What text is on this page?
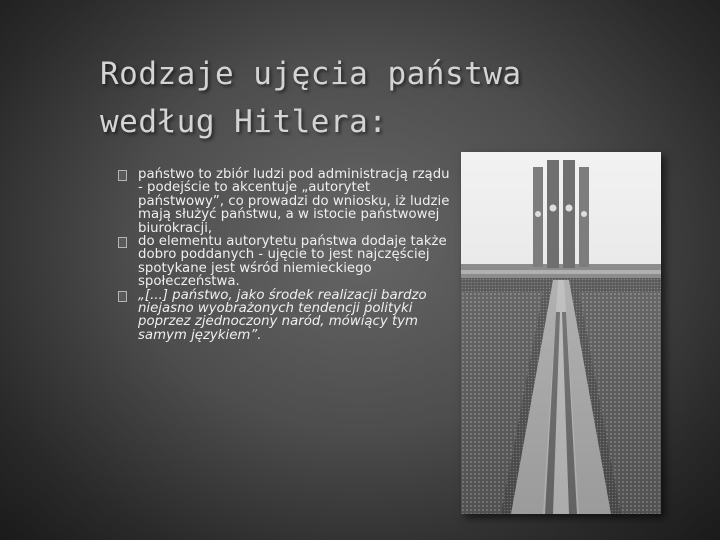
Rodzaje ujęcia państwa
według Hitlera:
państwo to zbiór ludzi pod administracją rządu - podejście to akcentuje „autorytet państwowy”, co prowadzi do wniosku, iż ludzie mają służyć państwu, a w istocie państwowej biurokracji,
do elementu autorytetu państwa dodaje także dobro poddanych - ujęcie to jest najczęściej spotykane jest wśród niemieckiego społeczeństwa.
„[...] państwo, jako środek realizacji bardzo niejasno wyobrażonych tendencji polityki poprzez zjednoczony naród, mówiący tym samym językiem”.
